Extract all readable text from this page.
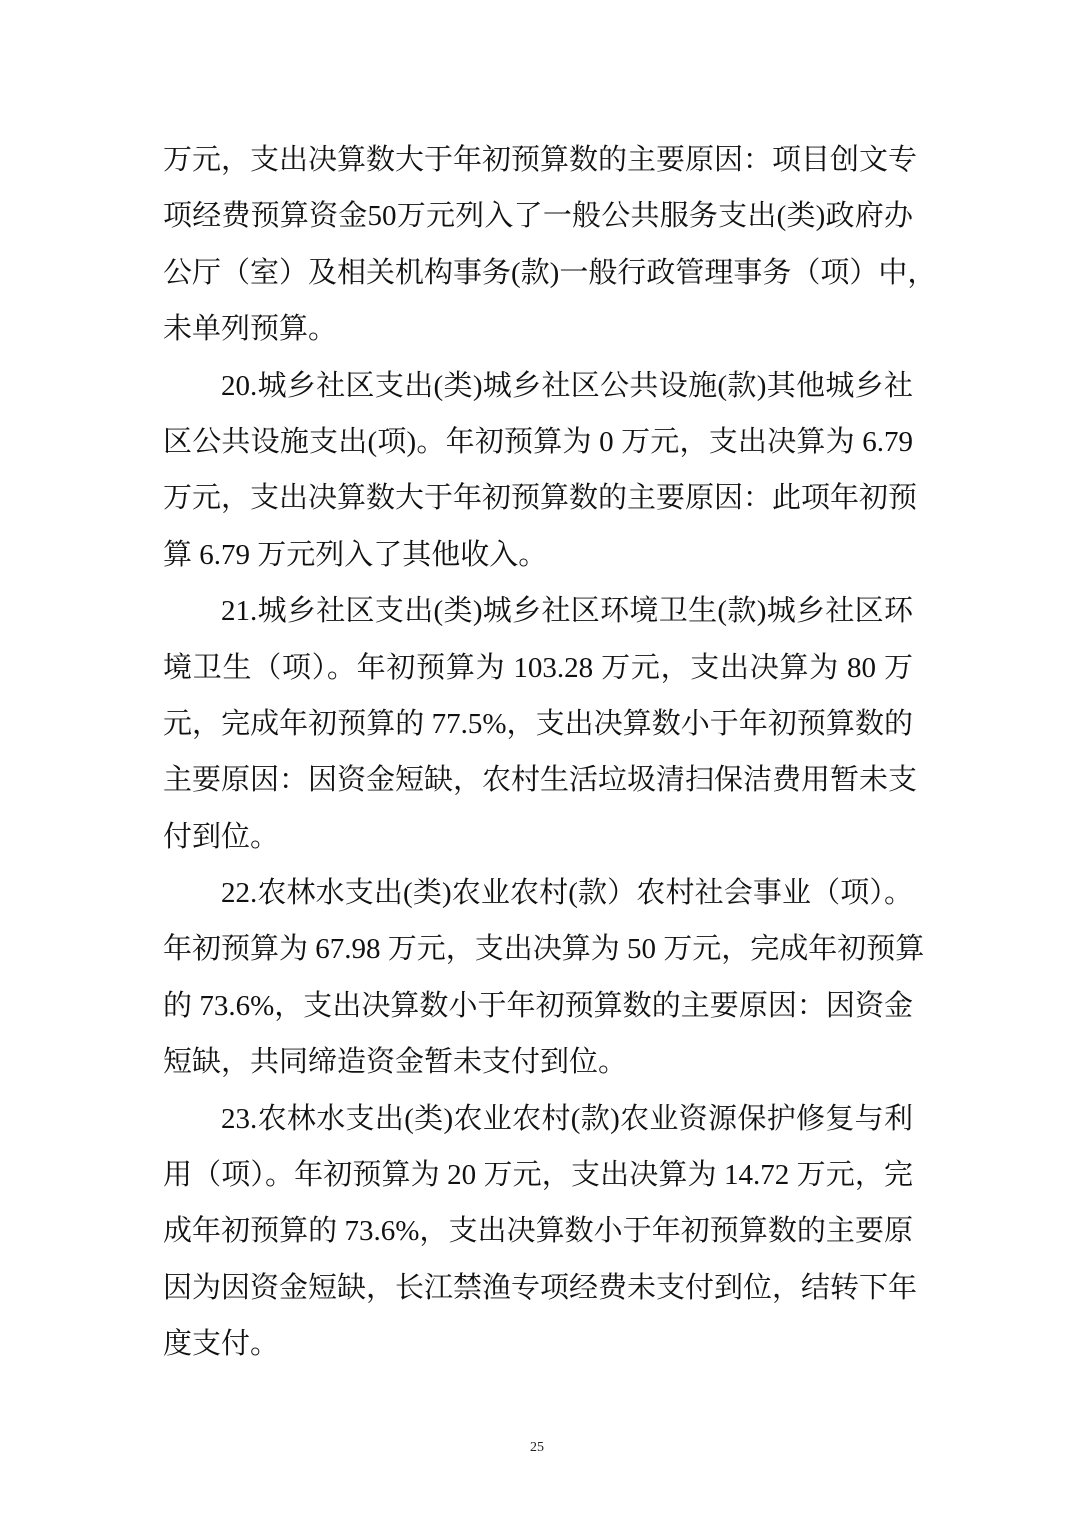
万元，支出决算数大于年初预算数的主要原因：项目创文专
项经费预算资金50万元列入了一般公共服务支出(类)政府办
公厅（室）及相关机构事务(款)一般行政管理事务（项）中，
未单列预算。
20.城乡社区支出(类)城乡社区公共设施(款)其他城乡社
区公共设施支出(项)。年初预算为 0 万元，支出决算为 6.79
万元，支出决算数大于年初预算数的主要原因：此项年初预
算 6.79 万元列入了其他收入。
21.城乡社区支出(类)城乡社区环境卫生(款)城乡社区环
境卫生（项）。年初预算为 103.28 万元，支出决算为 80 万
元，完成年初预算的 77.5%，支出决算数小于年初预算数的
主要原因：因资金短缺，农村生活垃圾清扫保洁费用暂未支
付到位。
22.农林水支出(类)农业农村(款）农村社会事业（项）。
年初预算为 67.98 万元，支出决算为 50 万元，完成年初预算
的 73.6%，支出决算数小于年初预算数的主要原因：因资金
短缺，共同缔造资金暂未支付到位。
23.农林水支出(类)农业农村(款)农业资源保护修复与利
用（项）。年初预算为 20 万元，支出决算为 14.72 万元，完
成年初预算的 73.6%，支出决算数小于年初预算数的主要原
因为因资金短缺，长江禁渔专项经费未支付到位，结转下年
度支付。
25
